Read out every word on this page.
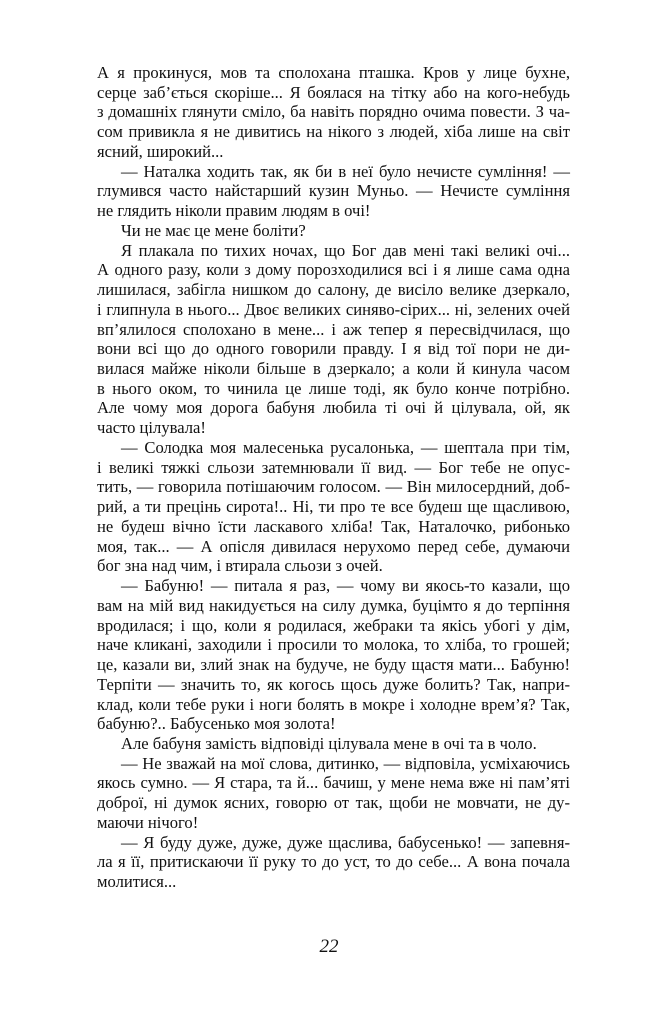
А я прокинуся, мов та сполохана пташка. Кров у лице бухне,
серце заб’ється скоріше... Я боялася на тітку або на кого-небудь
з домашніх глянути сміло, ба навіть порядно очима повести. З ча-
сом привикла я не дивитись на нікого з людей, хіба лише на світ
ясний, широкий...
— Наталка ходить так, як би в неї було нечисте сумління! —
глумився часто найстарший кузин Муньо. — Нечисте сумління
не глядить ніколи правим людям в очі!
Чи не має це мене боліти?
Я плакала по тихих ночах, що Бог дав мені такі великі очі...
А одного разу, коли з дому порозходилися всі і я лише сама одна
лишилася, забігла нишком до салону, де висіло велике дзеркало,
і глипнула в нього... Двоє великих синяво-сірих... ні, зелених очей
вп’ялилося сполохано в мене... і аж тепер я пересвідчилася, що
вони всі що до одного говорили правду. І я від тої пори не ди-
вилася майже ніколи більше в дзеркало; а коли й кинула часом
в нього оком, то чинила це лише тоді, як було конче потрібно.
Але чому моя дорога бабуня любила ті очі й цілувала, ой, як
часто цілувала!
— Солодка моя малесенька русалонька, — шептала при тім,
і великі тяжкі сльози затемнювали її вид. — Бог тебе не опус-
тить, — говорила потішаючим голосом. — Він милосердний, доб-
рий, а ти прецінь сирота!.. Ні, ти про те все будеш ще щасливою,
не будеш вічно їсти ласкавого хліба! Так, Наталочко, рибонько
моя, так... — А опісля дивилася нерухомо перед себе, думаючи
бог зна над чим, і втирала сльози з очей.
— Бабуню! — питала я раз, — чому ви якось-то казали, що
вам на мій вид накидується на силу думка, буцімто я до терпіння
вродилася; і що, коли я родилася, жебраки та якісь убогі у дім,
наче кликані, заходили і просили то молока, то хліба, то грошей;
це, казали ви, злий знак на будуче, не буду щастя мати... Бабуню!
Терпіти — значить то, як когось щось дуже болить? Так, напри-
клад, коли тебе руки і ноги болять в мокре і холодне врем’я? Так,
бабуню?.. Бабусенько моя золота!
Але бабуня замість відповіді цілувала мене в очі та в чоло.
— Не зважай на мої слова, дитинко, — відповіла, усміхаючись
якось сумно. — Я стара, та й... бачиш, у мене нема вже ні пам’яті
доброї, ні думок ясних, говорю от так, щоби не мовчати, не ду-
маючи нічого!
— Я буду дуже, дуже, дуже щаслива, бабусенько! — запевня-
ла я її, притискаючи її руку то до уст, то до себе... А вона почала
молитися...
22
